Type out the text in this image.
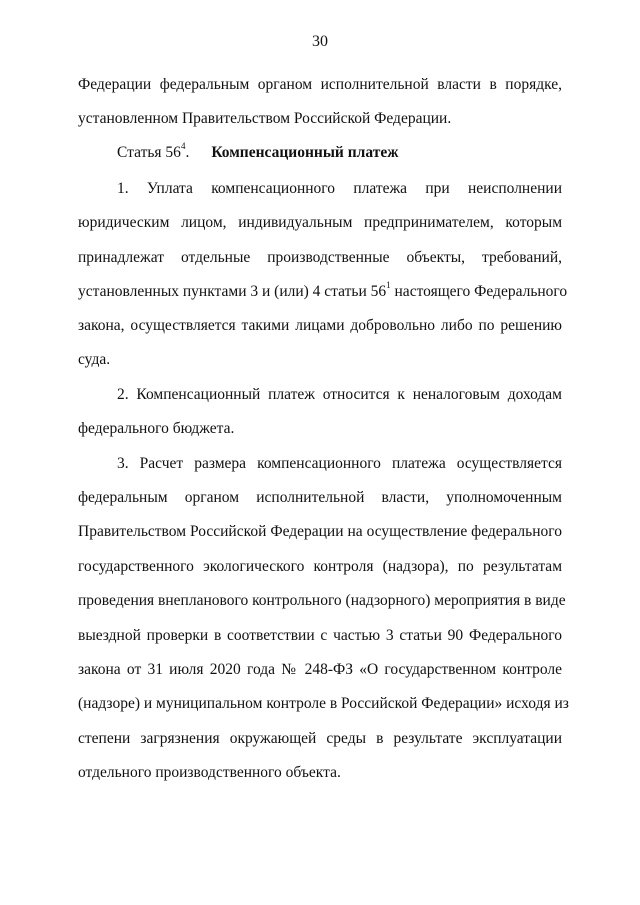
30
Федерации федеральным органом исполнительной власти в порядке,
установленном Правительством Российской Федерации.
Статья $56^4$. Компенсационный платеж
1. Уплата компенсационного платежа при неисполнении
юридическим лицом, индивидуальным предпринимателем, которым
принадлежат отдельные производственные объекты, требований,
установленных пунктами 3 и (или) 4 статьи $56^1$ настоящего Федерального
закона, осуществляется такими лицами добровольно либо по решению
суда.
2. Компенсационный платеж относится к неналоговым доходам
федерального бюджета.
3. Расчет размера компенсационного платежа осуществляется
федеральным органом исполнительной власти, уполномоченным
Правительством Российской Федерации на осуществление федерального
государственного экологического контроля (надзора), по результатам
проведения внепланового контрольного (надзорного) мероприятия в виде
выездной проверки в соответствии с частью 3 статьи 90 Федерального
закона от 31 июля 2020 года № 248-ФЗ «О государственном контроле
(надзоре) и муниципальном контроле в Российской Федерации» исходя из
степени загрязнения окружающей среды в результате эксплуатации
отдельного производственного объекта.
